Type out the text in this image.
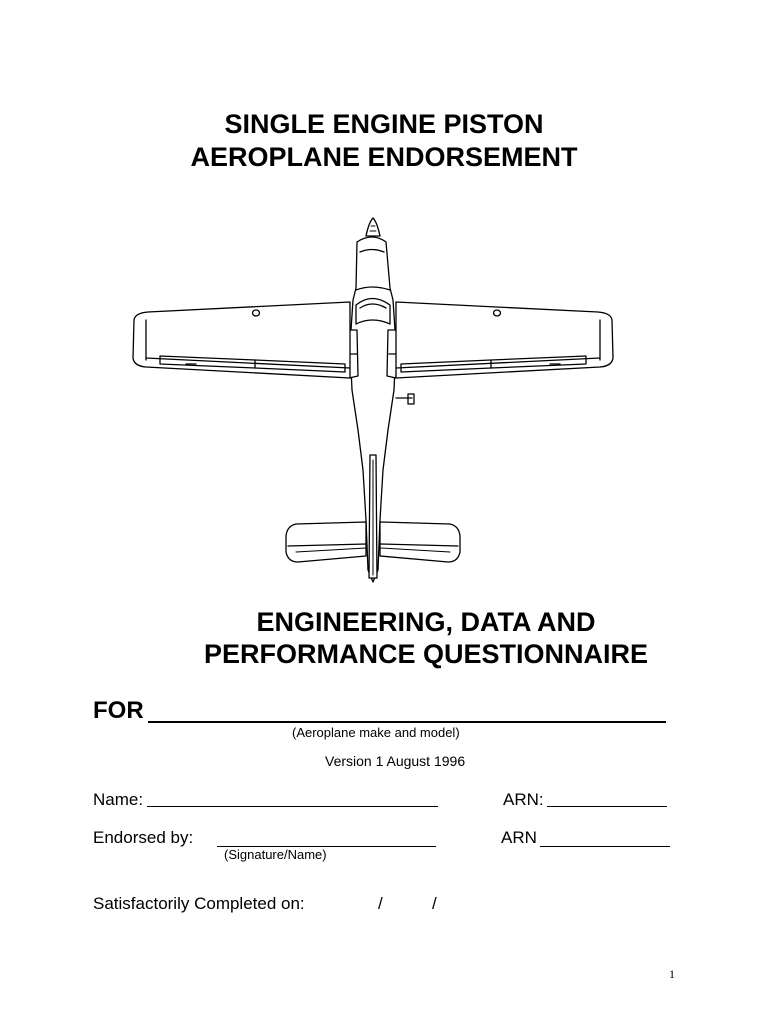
SINGLE ENGINE PISTON
AEROPLANE ENDORSEMENT
ENGINEERING, DATA AND
PERFORMANCE QUESTIONNAIRE
FOR
(Aeroplane make and model)
Version 1 August 1996
Name:	ARN:
Endorsed by:	ARN
(Signature/Name)
Satisfactorily Completed on:	/	/
1
